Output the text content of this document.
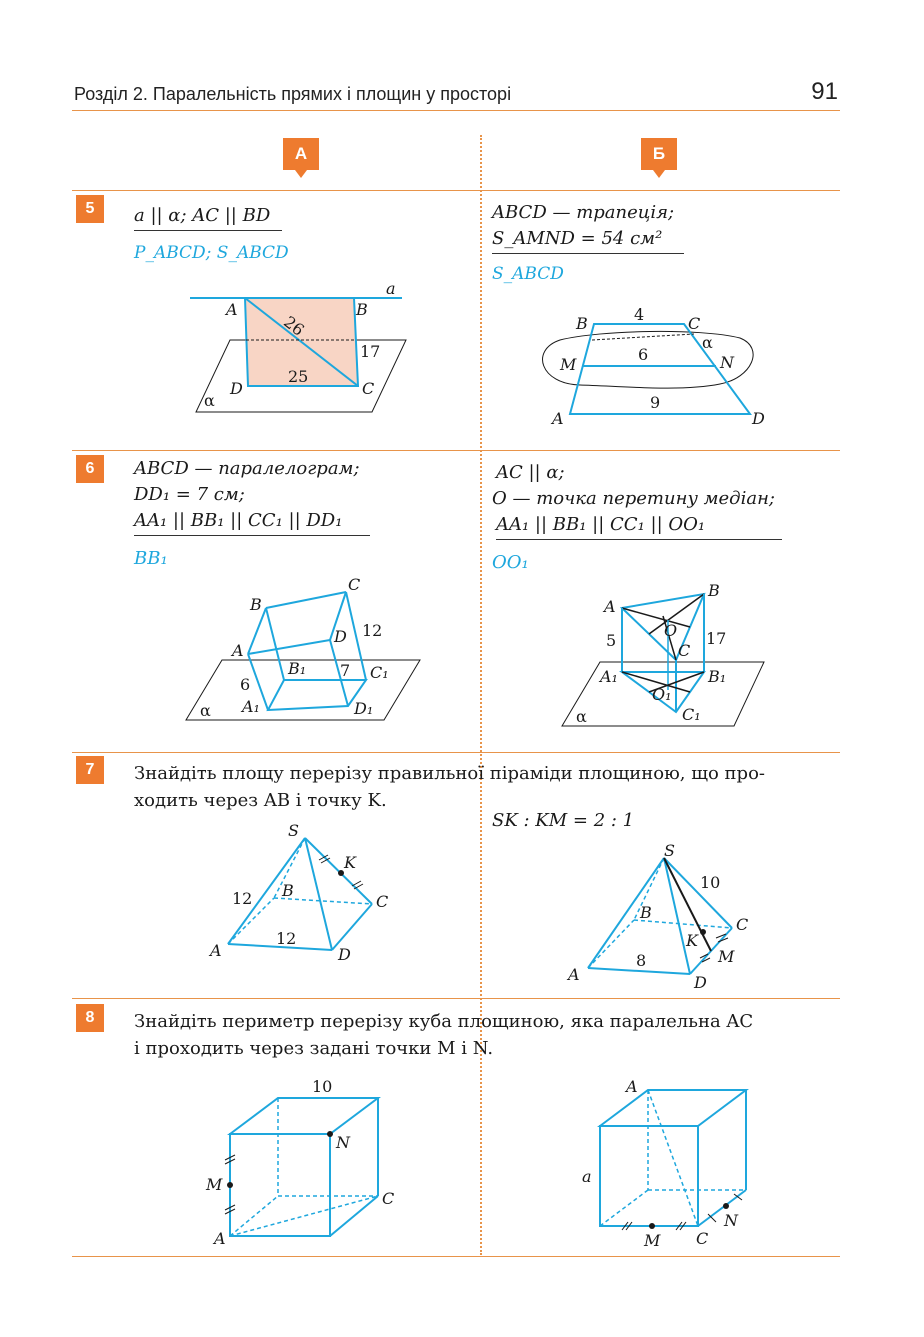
Розділ 2. Паралельність прямих і площин у просторі	91
А	Б
5	a || α; AC || BD
P_ABCD; S_ABCD
a
A	B
C
D
α
26
17
25
ABCD — трапеція;
S_AMND = 54 см²
S_ABCD
B	4	C
α
M
6	N
9
A	D
6	ABCD — паралелограм;
DD₁ = 7 см;
AA₁ || BB₁ || CC₁ || DD₁
BB₁
B
C
12
D
A
B₁ 7 C₁
6
A₁	D₁
α
AC || α;
O — точка перетину медіан;
AA₁ || BB₁ || CC₁ || OO₁
OO₁
A
B
O
5	17
C
A₁	B₁
O₁
C₁
α
7	Знайдіть площу перерізу правильної піраміди площиною, що про-
ходить через AB і точку K.
SK : KM = 2 : 1
S
K
B
C
12
12
A	D
S
10
B
C
K
M
8
A	D
8	Знайдіть периметр перерізу куба площиною, яка паралельна AC
і проходить через задані точки M і N.
10
N
M
C
A
A
a
N
M C
